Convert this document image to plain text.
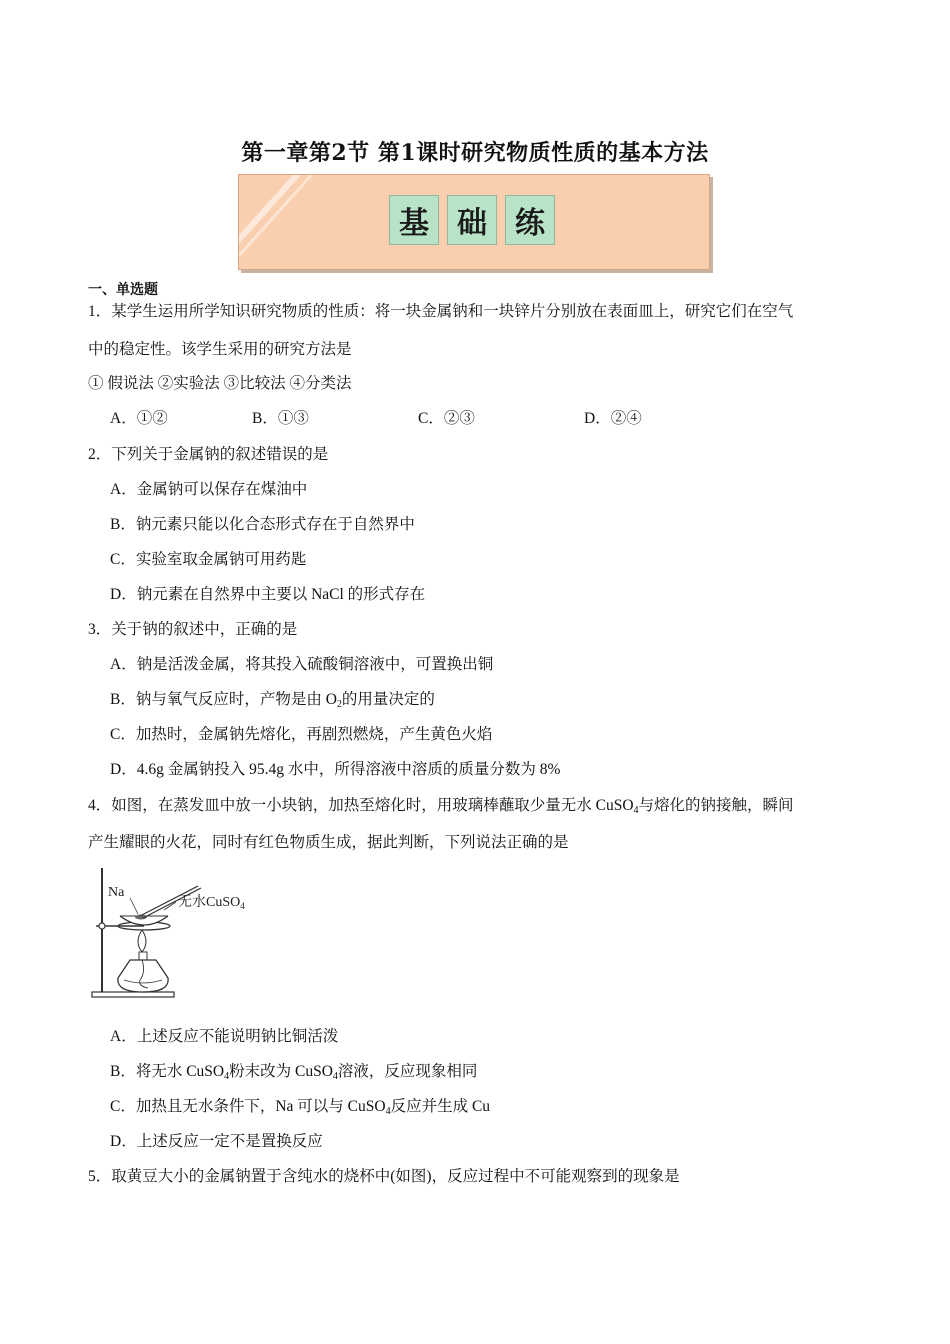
第一章第2节 第1课时研究物质性质的基本方法
基 础 练
一、单选题
1．某学生运用所学知识研究物质的性质：将一块金属钠和一块锌片分别放在表面皿上，研究它们在空气
中的稳定性。该学生采用的研究方法是
① 假说法 ②实验法 ③比较法 ④分类法
A．①②	B．①③	C．②③	D．②④
2．下列关于金属钠的叙述错误的是
A．金属钠可以保存在煤油中
B．钠元素只能以化合态形式存在于自然界中
C．实验室取金属钠可用药匙
D．钠元素在自然界中主要以 NaCl 的形式存在
3．关于钠的叙述中，正确的是
A．钠是活泼金属，将其投入硫酸铜溶液中，可置换出铜
B．钠与氧气反应时，产物是由 $O_2$的用量决定的
C．加热时，金属钠先熔化，再剧烈燃烧，产生黄色火焰
D．4.6g 金属钠投入 95.4g 水中，所得溶液中溶质的质量分数为 8%
4．如图，在蒸发皿中放一小块钠，加热至熔化时，用玻璃棒蘸取少量无水 CuSO$_4$与熔化的钠接触，瞬间
产生耀眼的火花，同时有红色物质生成，据此判断，下列说法正确的是
Na
无水CuSO$_4$
A．上述反应不能说明钠比铜活泼
B．将无水 CuSO$_4$粉末改为 CuSO$_4$溶液，反应现象相同
C．加热且无水条件下，Na 可以与 CuSO$_4$反应并生成 Cu
D．上述反应一定不是置换反应
5．取黄豆大小的金属钠置于含纯水的烧杯中(如图)，反应过程中不可能观察到的现象是
